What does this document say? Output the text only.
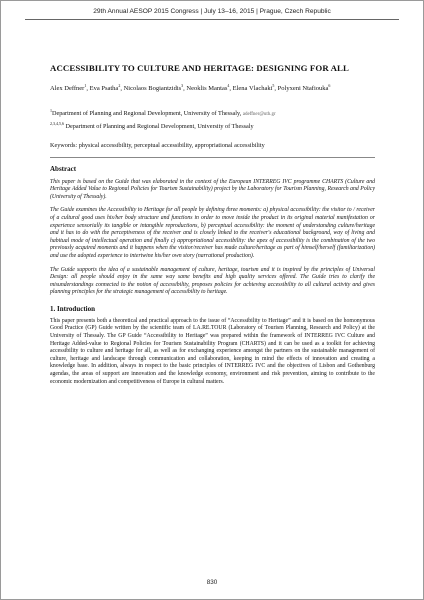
29th Annual AESOP 2015 Congress | July 13–16, 2015 | Prague, Czech Republic
ACCESSIBILITY TO CULTURE AND HERITAGE: DESIGNING FOR ALL
Alex Deffner$^1$, Eva Psatha$^2$, Nicolaos Bogiantzidis$^3$, Neoklis Mantas$^4$, Elena Vlachaki$^5$, Polyxeni Ntafiouka$^6$
$^1$Department of Planning and Regional Development, University of Thessaly, adeffner@uth.gr
$^{2,3,4,5,6}$ Department of Planning and Regional Development, University of Thessaly
Keywords: physical accessibility, perceptual accessibility, appropriational accessibility
Abstract

This paper is based on the Guide that was elaborated in the context of the European INTERREG IVC programme CHARTS (Culture and Heritage Added Value to Regional Policies for Tourism Sustainability) project by the Laboratory for Tourism Planning, Research and Policy (University of Thessaly).

The Guide examines the Accessibility to Heritage for all people by defining three moments: a) physical accessibility: the visitor to / receiver of a cultural good uses his/her body structure and functions in order to move inside the product in its original material manifestation or experience sensorially its tangible or intangible reproductions, b) perceptual accessibility: the moment of understanding culture/heritage and it has to do with the perceptiveness of the receiver and is closely linked to the receiver's educational background, way of living and habitual mode of intellectual operation and finally c) appropriational accessibility: the apex of accessibility is the combination of the two previously acquired moments and it happens when the visitor/receiver has made culture/heritage as part of himself/herself (familiarization) and use the adopted experience to intertwine his/her own story (narrational production).

The Guide supports the idea of a sustainable management of culture, heritage, tourism and it is inspired by the principles of Universal Design: all people should enjoy in the same way same benefits and high quality services offered. The Guide tries to clarify the misunderstandings connected to the notion of accessibility, proposes policies for achieving accessibility to all cultural activity and gives planning principles for the strategic management of accessibility to heritage.

1. Introduction

This paper presents both a theoretical and practical approach to the issue of “Accessibility to Heritage” and it is based on the homonymous Good Practice (GP) Guide written by the scientific team of LA.RE.TOUR (Laboratory of Tourism Planning, Research and Policy) at the University of Thessaly. The GP Guide “Accessibility to Heritage” was prepared within the framework of INTERREG IVC Culture and Heritage Added-value to Regional Policies for Tourism Sustainability Program (CHARTS) and it can be used as a toolkit for achieving accessibility to culture and heritage for all, as well as for exchanging experience amongst the partners on the sustainable management of culture, heritage and landscape through communication and collaboration, keeping in mind the effects of innovation and creating a knowledge base. In addition, always in respect to the basic principles of INTERREG IVC and the objectives of Lisbon and Gothenburg agendas, the areas of support are innovation and the knowledge economy, environment and risk prevention, aiming to contribute to the economic modernization and competitiveness of Europe in cultural matters.

830
